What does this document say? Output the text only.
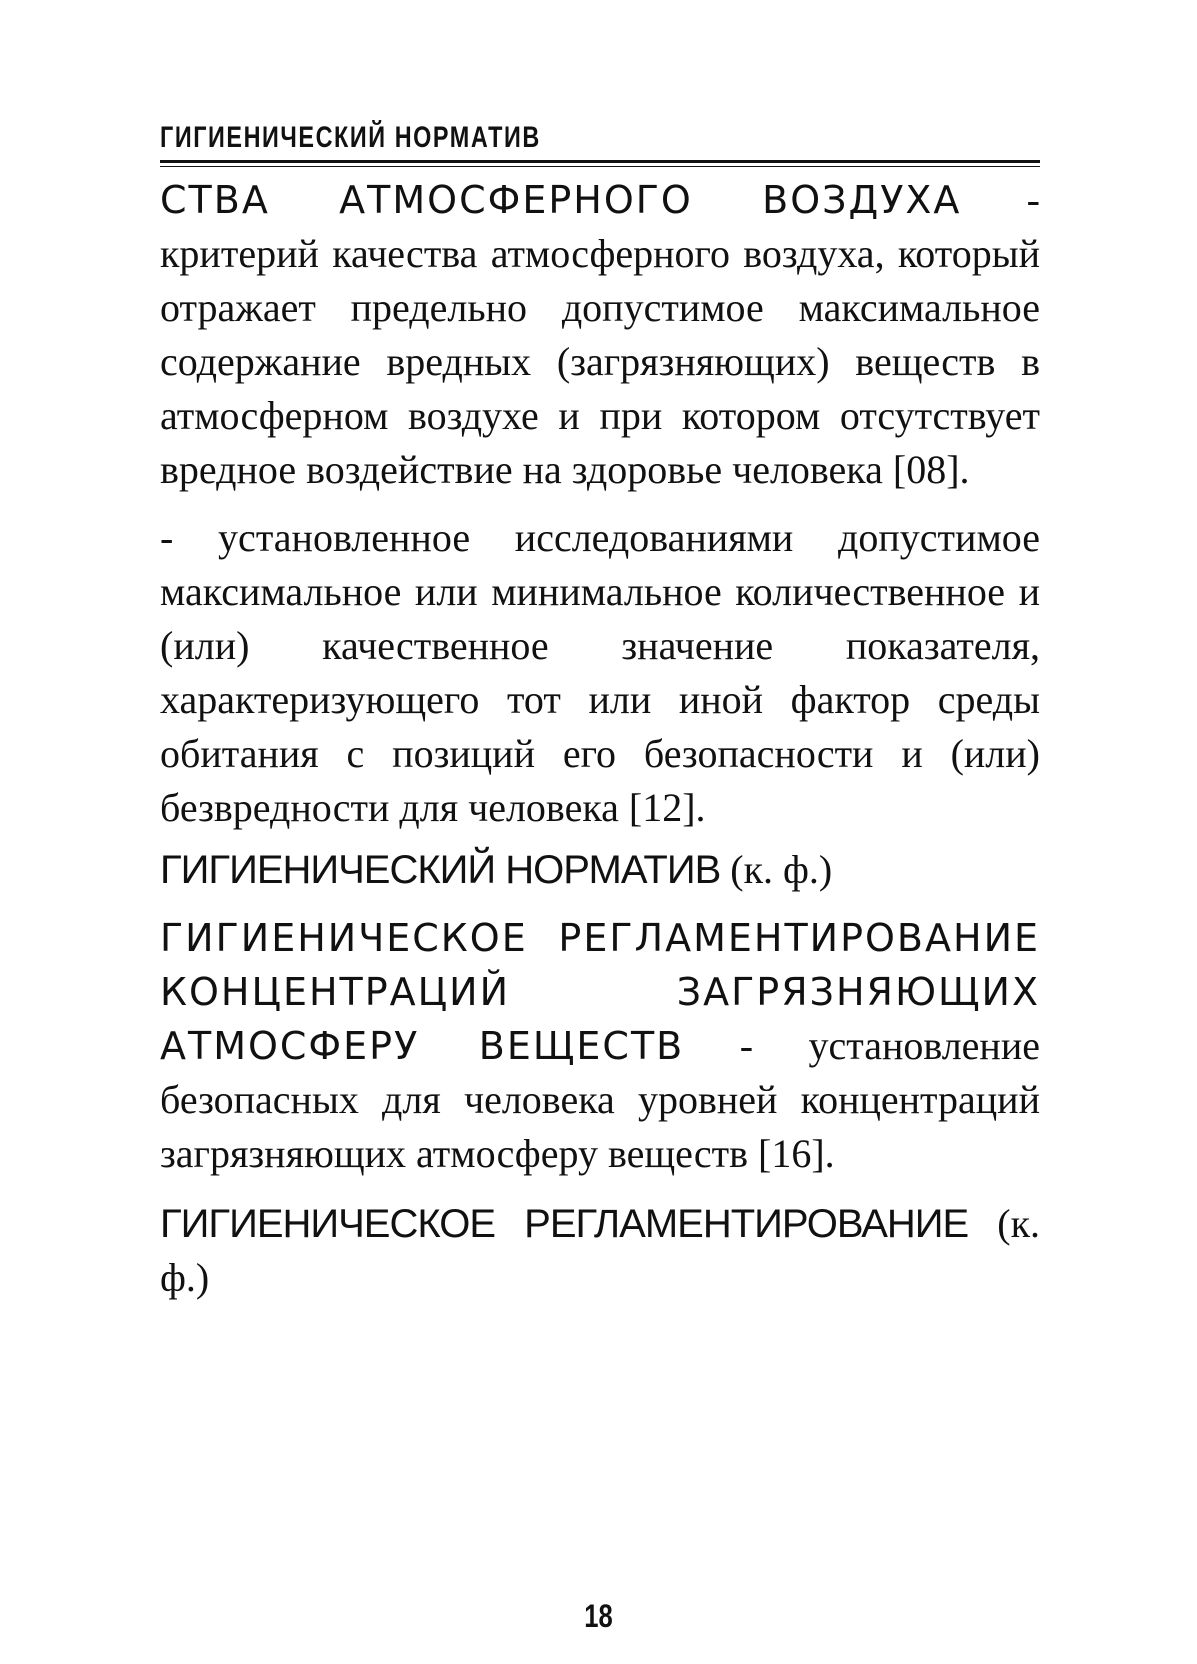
ГИГИЕНИЧЕСКИЙ НОРМАТИВ

СТВА АТМОСФЕРНОГО ВОЗДУХА - критерий качества атмосферного воздуха, который отражает предельно допустимое максимальное содержание вредных (загрязняющих) веществ в атмосферном воздухе и при котором отсутствует вредное воздействие на здоровье человека [08].

- установленное исследованиями допустимое максимальное или минимальное количественное и (или) качественное значение показателя, характеризующего тот или иной фактор среды обитания с позиций его безопасности и (или) безвредности для человека [12].

ГИГИЕНИЧЕСКИЙ НОРМАТИВ (к. ф.)

ГИГИЕНИЧЕСКОЕ РЕГЛАМЕНТИРОВАНИЕ КОНЦЕНТРАЦИЙ ЗАГРЯЗНЯЮЩИХ АТМОСФЕРУ ВЕЩЕСТВ - установление безопасных для человека уровней концентраций загрязняющих атмосферу веществ [16].

ГИГИЕНИЧЕСКОЕ РЕГЛАМЕНТИРОВАНИЕ (к. ф.)

18
